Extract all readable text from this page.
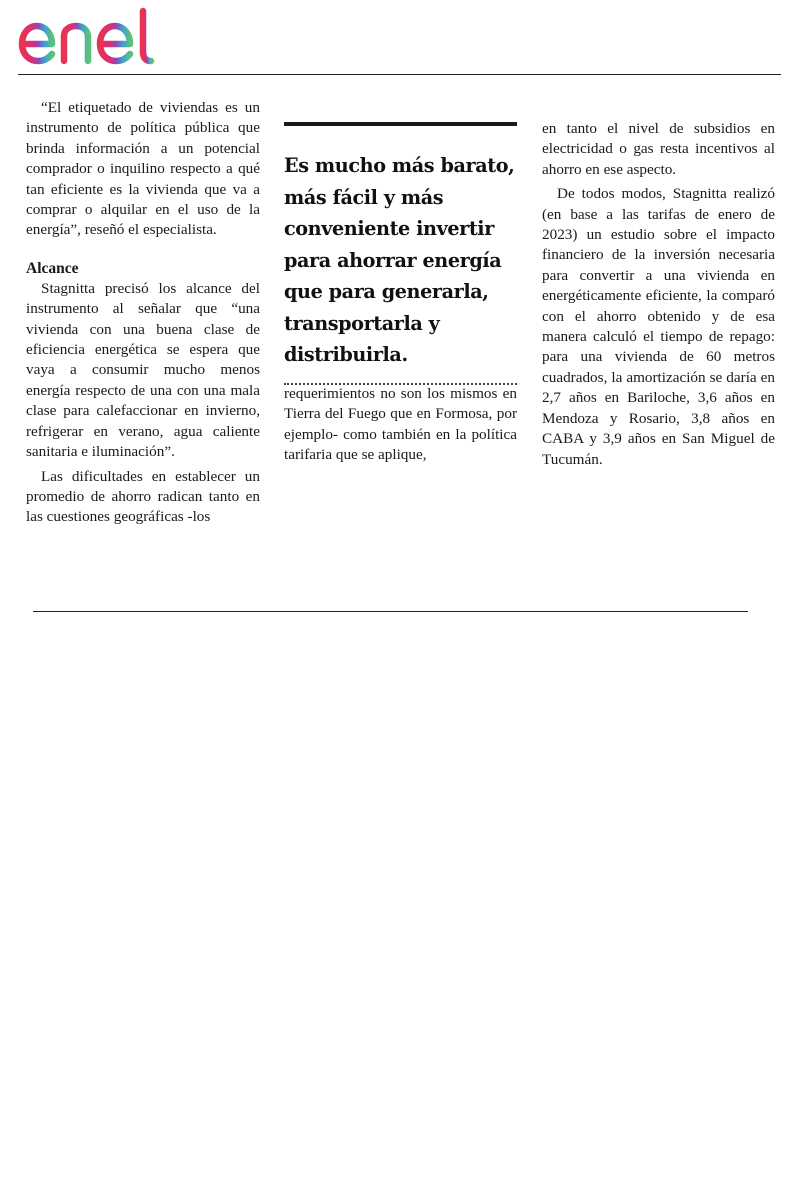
“El etiquetado de viviendas es un instrumento de política pública que brinda información a un potencial comprador o inquilino respecto a qué tan eficiente es la vivienda que va a comprar o alquilar en el uso de la energía”, reseñó el especialista.

Alcance

Stagnitta precisó los alcance del instrumento al señalar que “una vivienda con una buena clase de eficiencia energética se espera que vaya a consumir mucho menos energía respecto de una con una mala clase para calefaccionar en invierno, refrigerar en verano, agua caliente sanitaria e iluminación”.

Las dificultades en establecer un promedio de ahorro radican tanto en las cuestiones geográficas -los

Es mucho más barato, más fácil y más conveniente invertir para ahorrar energía que para generarla, transportarla y distribuirla.

requerimientos no son los mismos en Tierra del Fuego que en Formosa, por ejemplo- como también en la política tarifaria que se aplique,

en tanto el nivel de subsidios en electricidad o gas resta incentivos al ahorro en ese aspecto.

De todos modos, Stagnitta realizó (en base a las tarifas de enero de 2023) un estudio sobre el impacto financiero de la inversión necesaria para convertir a una vivienda en energéticamente eficiente, la comparó con el ahorro obtenido y de esa manera calculó el tiempo de repago: para una vivienda de 60 metros cuadrados, la amortización se daría en 2,7 años en Bariloche, 3,6 años en Mendoza y Rosario, 3,8 años en CABA y 3,9 años en San Miguel de Tucumán.
